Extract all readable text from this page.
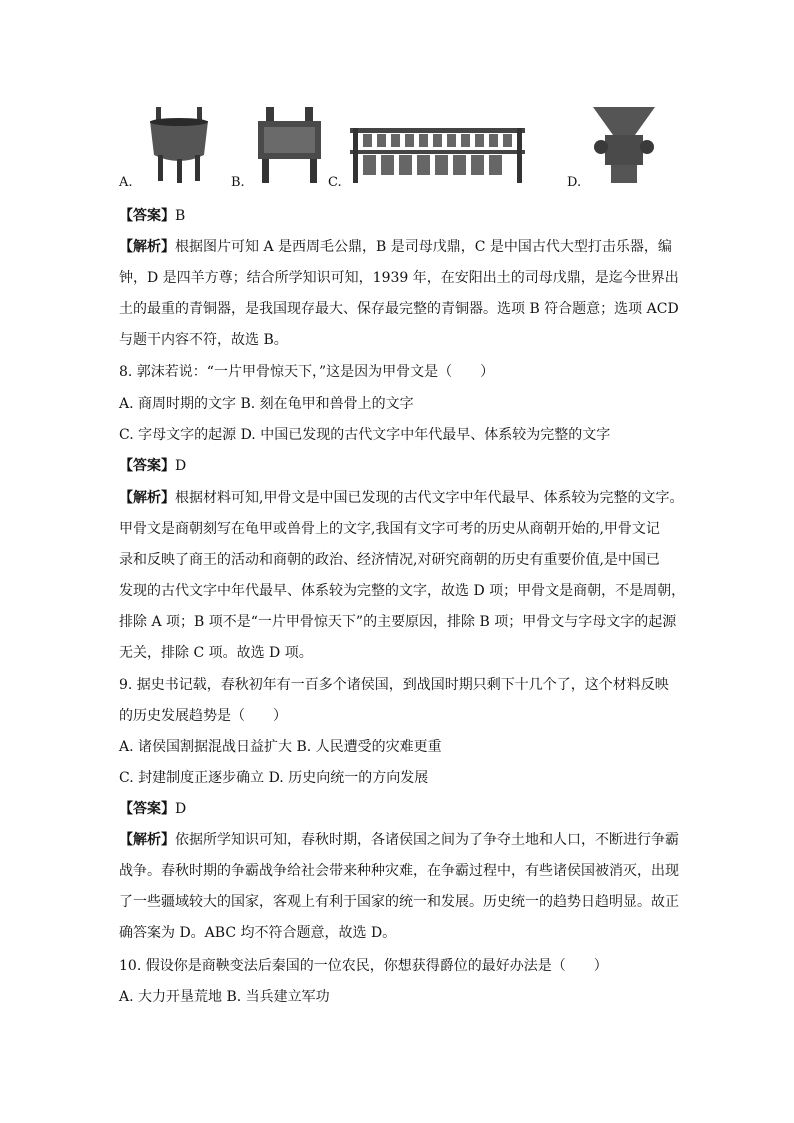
A.	B.	C.	D.
【答案】B
【解析】根据图片可知 A 是西周毛公鼎，B 是司母戊鼎，C 是中国古代大型打击乐器，编
钟，D 是四羊方尊；结合所学知识可知，1939 年，在安阳出土的司母戊鼎，是迄今世界出
土的最重的青铜器，是我国现存最大、保存最完整的青铜器。选项 B 符合题意；选项 ACD
与题干内容不符，故选 B。
8. 郭沫若说：“一片甲骨惊天下，”这是因为甲骨文是（　　）
A. 商周时期的文字 B. 刻在龟甲和兽骨上的文字
C. 字母文字的起源 D. 中国已发现的古代文字中年代最早、体系较为完整的文字
【答案】D
【解析】根据材料可知,甲骨文是中国已发现的古代文字中年代最早、体系较为完整的文字。
甲骨文是商朝刻写在龟甲或兽骨上的文字,我国有文字可考的历史从商朝开始的,甲骨文记
录和反映了商王的活动和商朝的政治、经济情况,对研究商朝的历史有重要价值,是中国已
发现的古代文字中年代最早、体系较为完整的文字，故选 D 项；甲骨文是商朝，不是周朝，
排除 A 项；B 项不是“一片甲骨惊天下”的主要原因，排除 B 项；甲骨文与字母文字的起源
无关，排除 C 项。故选 D 项。
9. 据史书记载，春秋初年有一百多个诸侯国，到战国时期只剩下十几个了，这个材料反映
的历史发展趋势是（　　）
A. 诸侯国割据混战日益扩大 B. 人民遭受的灾难更重
C. 封建制度正逐步确立 D. 历史向统一的方向发展
【答案】D
【解析】依据所学知识可知，春秋时期，各诸侯国之间为了争夺土地和人口，不断进行争霸
战争。春秋时期的争霸战争给社会带来种种灾难，在争霸过程中，有些诸侯国被消灭，出现
了一些疆域较大的国家，客观上有利于国家的统一和发展。历史统一的趋势日趋明显。故正
确答案为 D。ABC 均不符合题意，故选 D。
10. 假设你是商鞅变法后秦国的一位农民，你想获得爵位的最好办法是（　　）
A. 大力开垦荒地 B. 当兵建立军功
